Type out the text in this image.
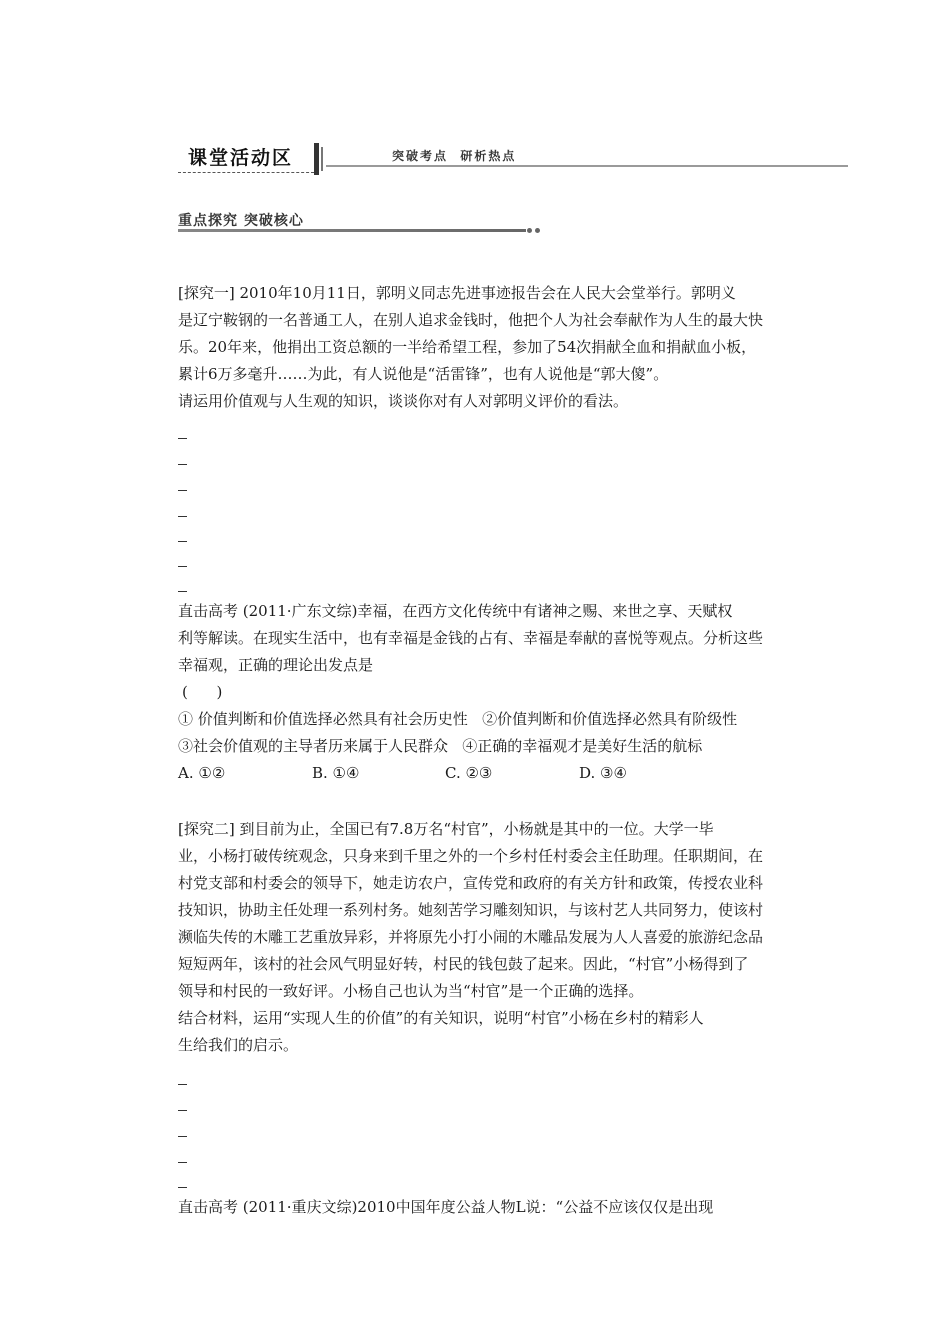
课堂活动区	突破考点  研析热点
重点探究 突破核心
[探究一] 2010年10月11日，郭明义同志先进事迹报告会在人民大会堂举行。郭明义
是辽宁鞍钢的一名普通工人，在别人追求金钱时，他把个人为社会奉献作为人生的最大快
乐。20年来，他捐出工资总额的一半给希望工程，参加了54次捐献全血和捐献血小板，
累计6万多毫升……为此，有人说他是“活雷锋”，也有人说他是“郭大傻”。
请运用价值观与人生观的知识，谈谈你对有人对郭明义评价的看法。
直击高考 (2011·广东文综)幸福，在西方文化传统中有诸神之赐、来世之享、天赋权
利等解读。在现实生活中，也有幸福是金钱的占有、幸福是奉献的喜悦等观点。分析这些
幸福观，正确的理论出发点是
(      )
① 价值判断和价值选择必然具有社会历史性   ②价值判断和价值选择必然具有阶级性
③社会价值观的主导者历来属于人民群众   ④正确的幸福观才是美好生活的航标
A. ①②	B. ①④	C. ②③	D. ③④
[探究二] 到目前为止，全国已有7.8万名“村官”，小杨就是其中的一位。大学一毕
业，小杨打破传统观念，只身来到千里之外的一个乡村任村委会主任助理。任职期间，在
村党支部和村委会的领导下，她走访农户，宣传党和政府的有关方针和政策，传授农业科
技知识，协助主任处理一系列村务。她刻苦学习雕刻知识，与该村艺人共同努力，使该村
濒临失传的木雕工艺重放异彩，并将原先小打小闹的木雕品发展为人人喜爱的旅游纪念品
短短两年，该村的社会风气明显好转，村民的钱包鼓了起来。因此，“村官”小杨得到了
领导和村民的一致好评。小杨自己也认为当“村官”是一个正确的选择。
结合材料，运用“实现人生的价值”的有关知识，说明“村官”小杨在乡村的精彩人
生给我们的启示。
直击高考 (2011·重庆文综)2010中国年度公益人物L说：“公益不应该仅仅是出现
